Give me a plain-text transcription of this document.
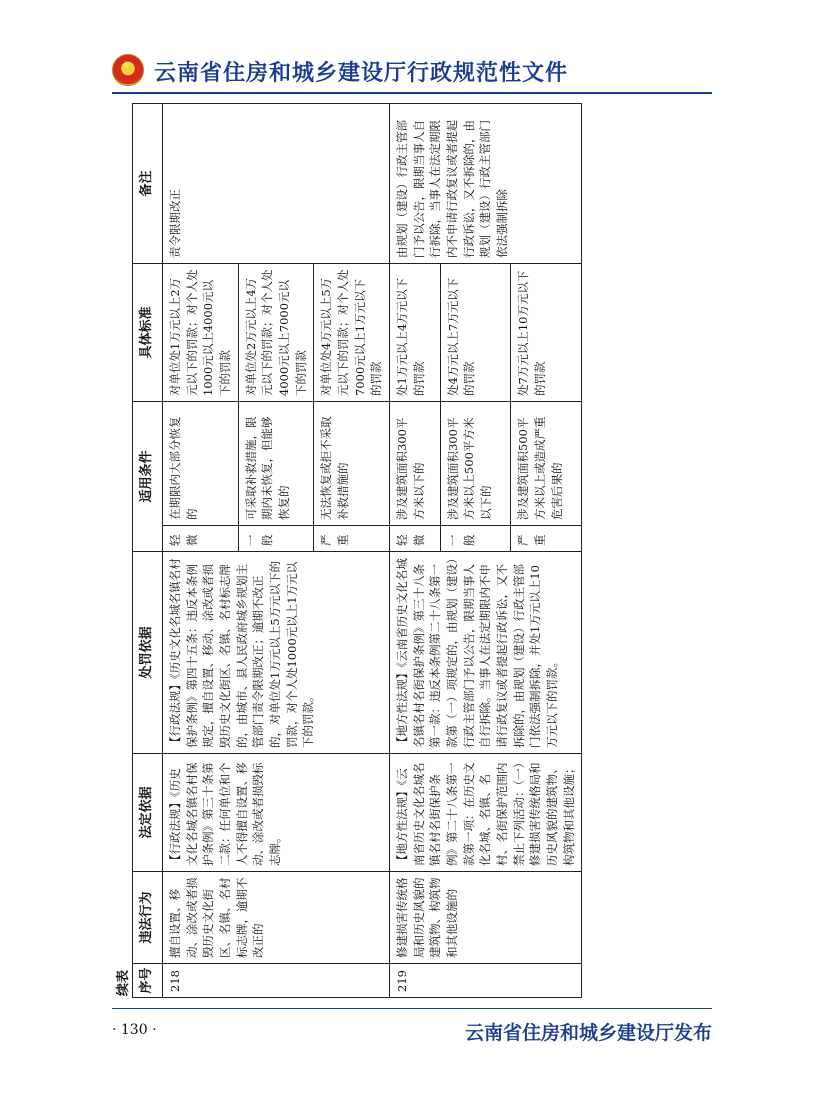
★ 云南省住房和城乡建设厅行政规范性文件
续表 序号	违法行为	法定依据	处罚依据	适用条件		具体标准	备注
218	擅自设置、移动、涂改或者损毁历史文化街区、名镇、名村标志牌，逾期不改正的	【行政法规】《历史文化名城名镇名村保护条例》第三十条第二款：任何单位和个人不得擅自设置、移动、涂改或者损毁标志牌。	【行政法规】《历史文化名城名镇名村保护条例》第四十五条：违反本条例规定，擅自设置、移动、涂改或者损毁历史文化街区、名镇、名村标志牌的，由城市、县人民政府城乡规划主管部门责令限期改正；逾期不改正的，对单位处1万元以上5万元以下的罚款，对个人处1000元以上1万元以下的罚款。	轻微	在期限内大部分恢复的	对单位处1万元以上2万元以下的罚款；对个人处1000元以上4000元以下的罚款	责令限期改正
				一般	可采取补救措施，限期内未恢复，但能够恢复的	对单位处2万元以上4万元以下的罚款；对个人处4000元以上7000元以下的罚款	
				严重	无法恢复或拒不采取补救措施的	对单位处4万元以上5万元以下的罚款；对个人处7000元以上1万元以下的罚款	
219	修建损害传统格局和历史风貌的建筑物、构筑物和其他设施的	【地方性法规】《云南省历史文化名城名镇名村名街保护条例》第二十八条第一款第一项：在历史文化名城、名镇、名村、名街保护范围内禁止下列活动：（一）修建损害传统格局和历史风貌的建筑物、构筑物和其他设施；	【地方性法规】《云南省历史文化名城名镇名村名街保护条例》第三十八条第一款：违反本条例第二十八条第一款第（一）项规定的，由规划（建设）行政主管部门予以公告，限期当事人自行拆除。当事人在法定期限内不申请行政复议或者提起行政诉讼，又不拆除的，由规划（建设）行政主管部门依法强制拆除，并处1万元以上10万元以下的罚款。	轻微	涉及建筑面积300平方米以下的	处1万元以上4万元以下的罚款	由规划（建设）行政主管部门予以公告，限期当事人自行拆除，当事人在法定期限内不申请行政复议或者提起行政诉讼，又不拆除的，由规划（建设）行政主管部门依法强制拆除
				一般	涉及建筑面积300平方米以上500平方米以下的	处4万元以上7万元以下的罚款	
				严重	涉及建筑面积500平方米以上或造成严重危害后果的	处7万元以上10万元以下的罚款	
· 130 ·	云南省住房和城乡建设厅发布
